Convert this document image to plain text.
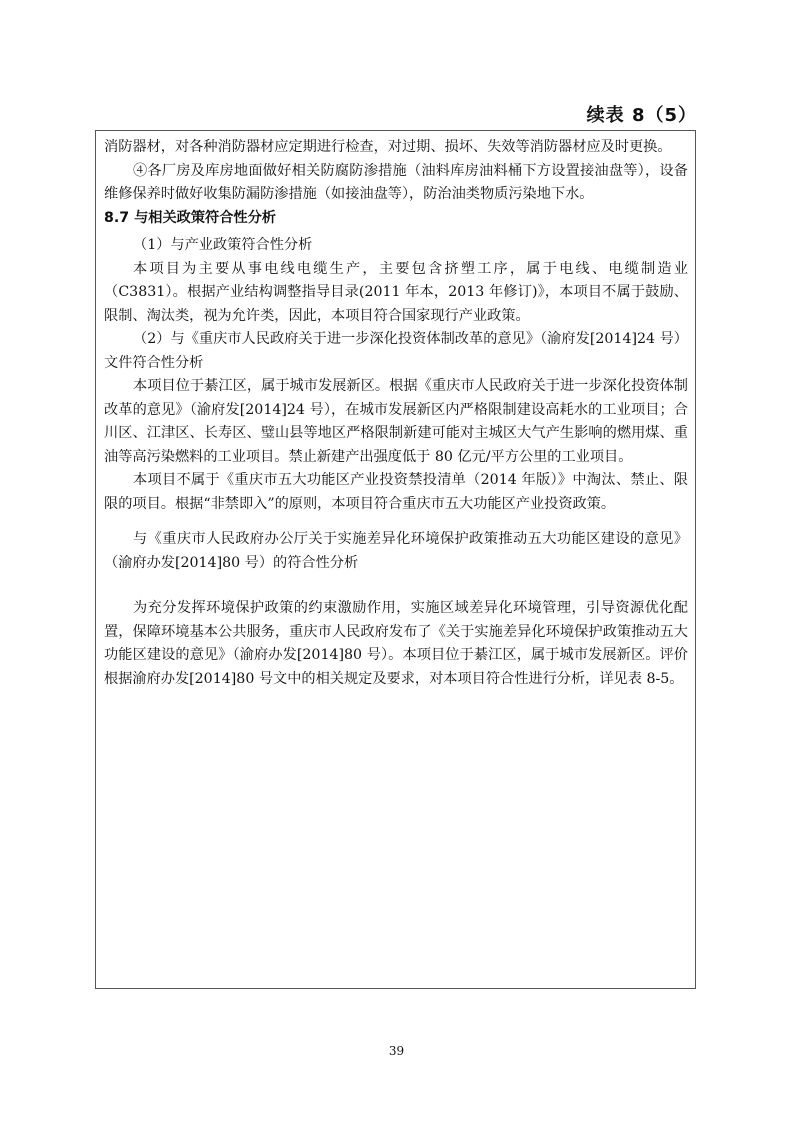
续表 8（5）

消防器材，对各种消防器材应定期进行检查，对过期、损坏、失效等消防器材应及时更换。

④各厂房及库房地面做好相关防腐防渗措施（油料库房油料桶下方设置接油盘等），设备维修保养时做好收集防漏防渗措施（如接油盘等），防治油类物质污染地下水。

8.7 与相关政策符合性分析

（1）与产业政策符合性分析

本项目为主要从事电线电缆生产，主要包含挤塑工序，属于电线、电缆制造业（C3831）。根据产业结构调整指导目录(2011 年本，2013 年修订)》，本项目不属于鼓励、限制、淘汰类，视为允许类，因此，本项目符合国家现行产业政策。

（2）与《重庆市人民政府关于进一步深化投资体制改革的意见》（渝府发[2014]24 号）文件符合性分析

本项目位于綦江区，属于城市发展新区。根据《重庆市人民政府关于进一步深化投资体制改革的意见》（渝府发[2014]24 号），在城市发展新区内严格限制建设高耗水的工业项目；合川区、江津区、长寿区、璧山县等地区严格限制新建可能对主城区大气产生影响的燃用煤、重油等高污染燃料的工业项目。禁止新建产出强度低于 80 亿元/平方公里的工业项目。

本项目不属于《重庆市五大功能区产业投资禁投清单（2014 年版）》中淘汰、禁止、限限的项目。根据“非禁即入”的原则，本项目符合重庆市五大功能区产业投资政策。

与《重庆市人民政府办公厅关于实施差异化环境保护政策推动五大功能区建设的意见》（渝府办发[2014]80 号）的符合性分析

为充分发挥环境保护政策的约束激励作用，实施区域差异化环境管理，引导资源优化配置，保障环境基本公共服务，重庆市人民政府发布了《关于实施差异化环境保护政策推动五大功能区建设的意见》（渝府办发[2014]80 号）。本项目位于綦江区，属于城市发展新区。评价根据渝府办发[2014]80 号文中的相关规定及要求，对本项目符合性进行分析，详见表 8-5。

39
